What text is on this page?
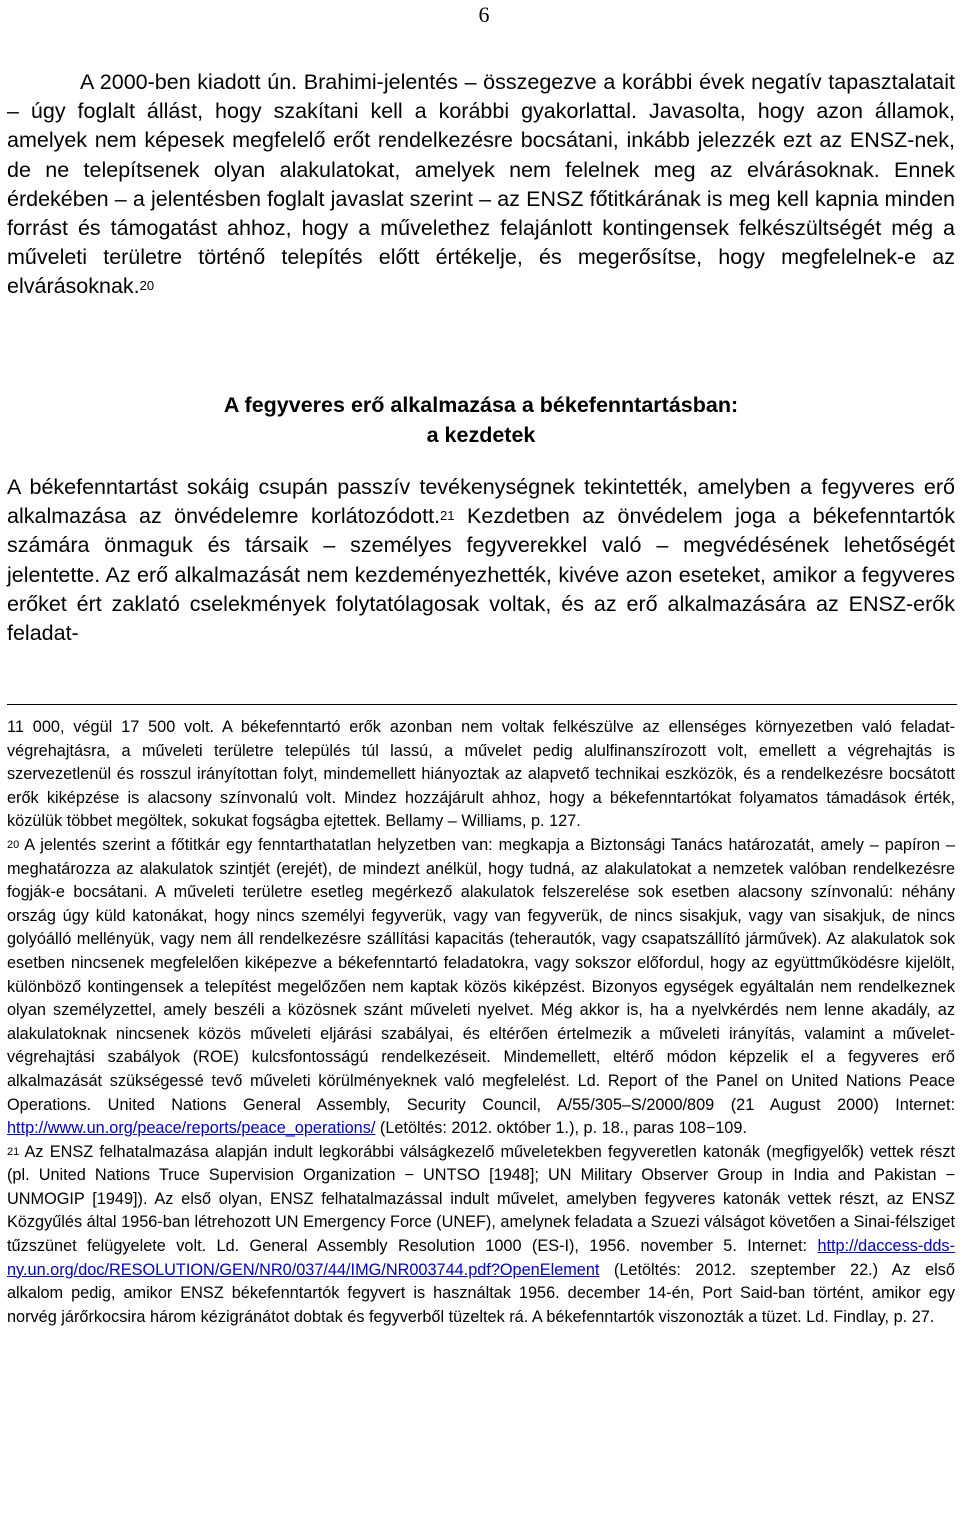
6

A 2000-ben kiadott ún. Brahimi-jelentés – összegezve a korábbi évek negatív tapasztalatait – úgy foglalt állást, hogy szakítani kell a korábbi gyakorlattal. Javasolta, hogy azon államok, amelyek nem képesek megfelelő erőt rendelkezésre bocsátani, inkább jelezzék ezt az ENSZ-nek, de ne telepítsenek olyan alakulatokat, amelyek nem felelnek meg az elvárásoknak. Ennek érdekében – a jelentésben foglalt javaslat szerint – az ENSZ főtitkárának is meg kell kapnia minden forrást és támogatást ahhoz, hogy a művelethez felajánlott kontingensek felkészültségét még a műveleti területre történő telepítés előtt értékelje, és megerősítse, hogy megfelelnek-e az elvárásoknak.$^{20}$

A fegyveres erő alkalmazása a békefenntartásban:
a kezdetek

A békefenntartást sokáig csupán passzív tevékenységnek tekintették, amelyben a fegyveres erő alkalmazása az önvédelemre korlátozódott.$^{21}$ Kezdetben az önvédelem joga a békefenntartók számára önmaguk és társaik – személyes fegyverekkel való – megvédésének lehetőségét jelentette. Az erő alkalmazását nem kezdeményezhették, kivéve azon eseteket, amikor a fegyveres erőket ért zaklató cselekmények folytatólagosak voltak, és az erő alkalmazására az ENSZ-erők feladat-

11 000, végül 17 500 volt. A békefenntartó erők azonban nem voltak felkészülve az ellenséges környezetben való feladat-végrehajtásra, a műveleti területre település túl lassú, a művelet pedig alulfinanszírozott volt, emellett a végrehajtás is szervezetlenül és rosszul irányítottan folyt, mindemellett hiányoztak az alapvető technikai eszközök, és a rendelkezésre bocsátott erők kiképzése is alacsony színvonalú volt. Mindez hozzájárult ahhoz, hogy a békefenntartókat folyamatos támadások érték, közülük többet megöltek, sokukat fogságba ejtettek. Bellamy – Williams, p. 127.

$^{20}$ A jelentés szerint a főtitkár egy fenntarthatatlan helyzetben van: megkapja a Biztonsági Tanács határozatát, amely – papíron – meghatározza az alakulatok szintjét (erejét), de mindezt anélkül, hogy tudná, az alakulatokat a nemzetek valóban rendelkezésre fogják-e bocsátani. A műveleti területre esetleg megérkező alakulatok felszerelése sok esetben alacsony színvonalú: néhány ország úgy küld katonákat, hogy nincs személyi fegyverük, vagy van fegyverük, de nincs sisakjuk, vagy van sisakjuk, de nincs golyóálló mellényük, vagy nem áll rendelkezésre szállítási kapacitás (teherautók, vagy csapatszállító járművek). Az alakulatok sok esetben nincsenek megfelelően kiképezve a békefenntartó feladatokra, vagy sokszor előfordul, hogy az együttműködésre kijelölt, különböző kontingensek a telepítést megelőzően nem kaptak közös kiképzést. Bizonyos egységek egyáltalán nem rendelkeznek olyan személyzettel, amely beszéli a közösnek szánt műveleti nyelvet. Még akkor is, ha a nyelvkérdés nem lenne akadály, az alakulatoknak nincsenek közös műveleti eljárási szabályai, és eltérően értelmezik a műveleti irányítás, valamint a művelet-végrehajtási szabályok (ROE) kulcsfontosságú rendelkezéseit. Mindemellett, eltérő módon képzelik el a fegyveres erő alkalmazását szükségessé tevő műveleti körülményeknek való megfelelést. Ld. Report of the Panel on United Nations Peace Operations. United Nations General Assembly, Security Council, A/55/305–S/2000/809 (21 August 2000) Internet: http://www.un.org/peace/reports/peace_operations/ (Letöltés: 2012. október 1.), p. 18., paras 108−109.

$^{21}$ Az ENSZ felhatalmazása alapján indult legkorábbi válságkezelő műveletekben fegyveretlen katonák (megfigyelők) vettek részt (pl. United Nations Truce Supervision Organization − UNTSO [1948]; UN Military Observer Group in India and Pakistan − UNMOGIP [1949]). Az első olyan, ENSZ felhatalmazással indult művelet, amelyben fegyveres katonák vettek részt, az ENSZ Közgyűlés által 1956-ban létrehozott UN Emergency Force (UNEF), amelynek feladata a Szuezi válságot követően a Sinai-félsziget tűzszünet felügyelete volt. Ld. General Assembly Resolution 1000 (ES-I), 1956. november 5. Internet: http://daccess-dds-ny.un.org/doc/RESOLUTION/GEN/NR0/037/44/IMG/NR003744.pdf?OpenElement (Letöltés: 2012. szeptember 22.) Az első alkalom pedig, amikor ENSZ békefenntartók fegyvert is használtak 1956. december 14-én, Port Said-ban történt, amikor egy norvég járőrkocsira három kézigránátot dobtak és fegyverből tüzeltek rá. A békefenntartók viszonozták a tüzet. Ld. Findlay, p. 27.
